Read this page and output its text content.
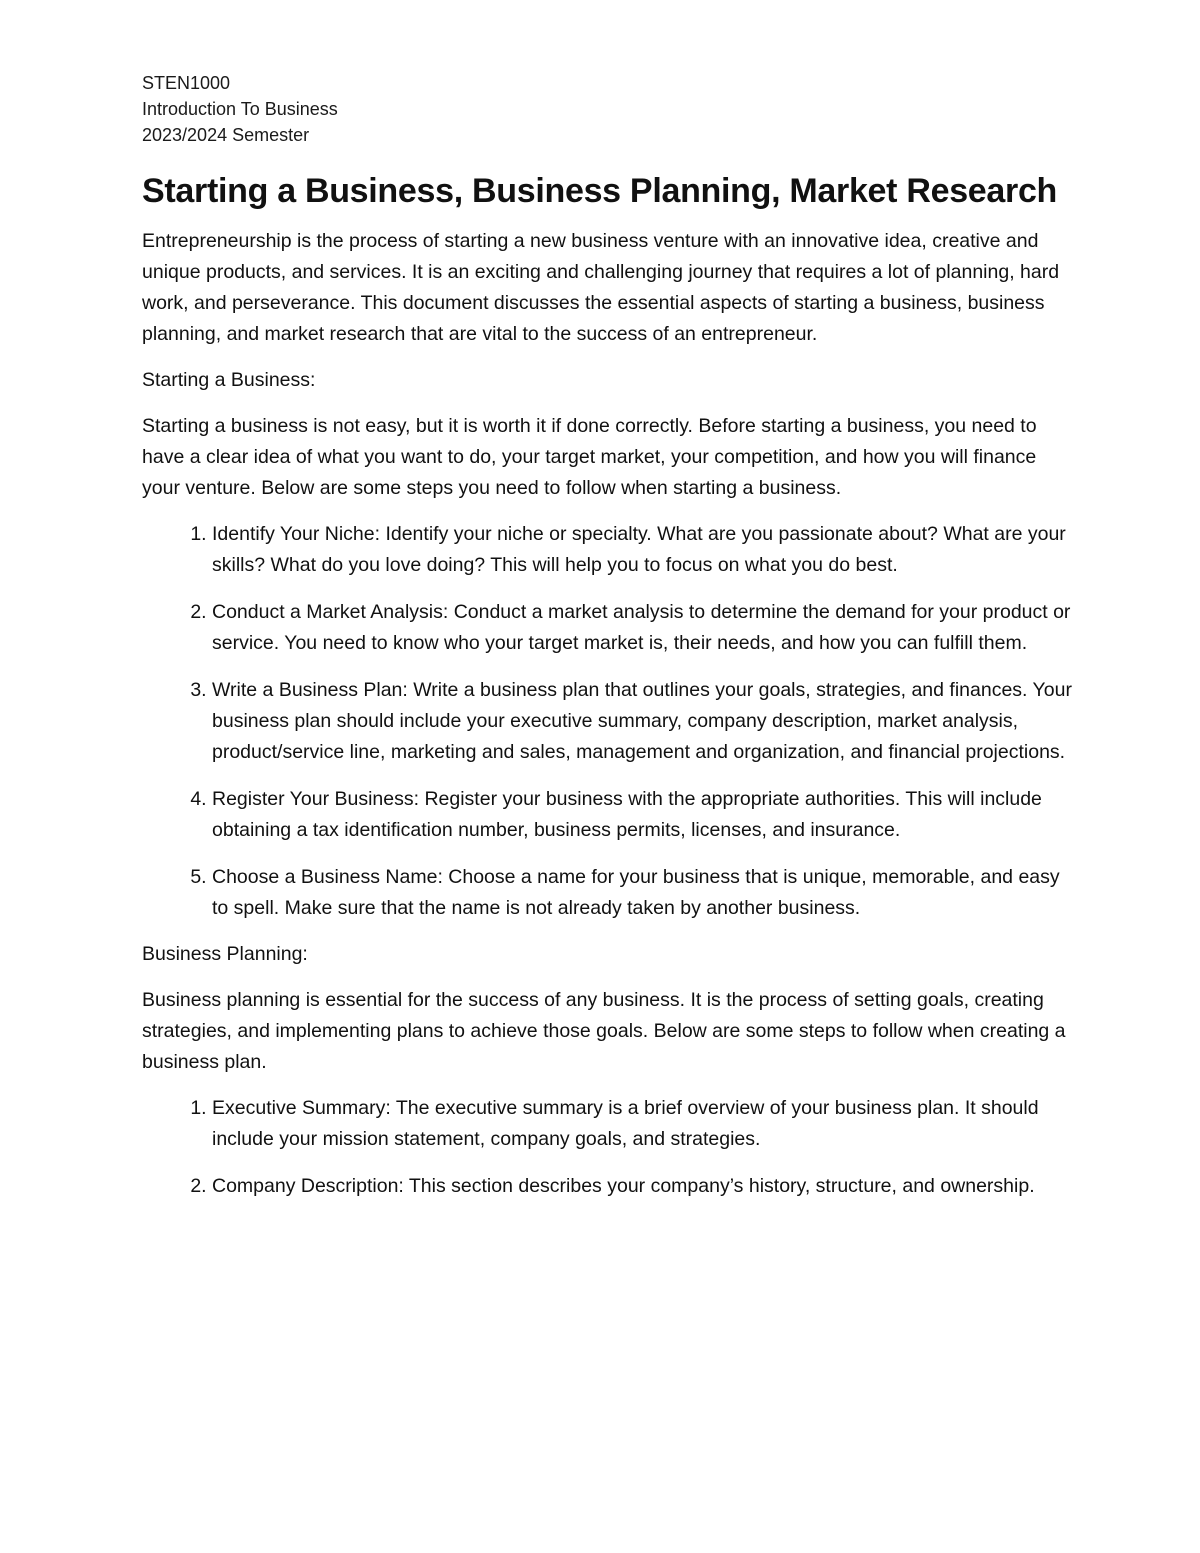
STEN1000
Introduction To Business
2023/2024 Semester
Starting a Business, Business Planning, Market Research

Entrepreneurship is the process of starting a new business venture with an innovative idea, creative and unique products, and services. It is an exciting and challenging journey that requires a lot of planning, hard work, and perseverance. This document discusses the essential aspects of starting a business, business planning, and market research that are vital to the success of an entrepreneur.

Starting a Business:

Starting a business is not easy, but it is worth it if done correctly. Before starting a business, you need to have a clear idea of what you want to do, your target market, your competition, and how you will finance your venture. Below are some steps you need to follow when starting a business.

1. Identify Your Niche: Identify your niche or specialty. What are you passionate about? What are your skills? What do you love doing? This will help you to focus on what you do best.
2. Conduct a Market Analysis: Conduct a market analysis to determine the demand for your product or service. You need to know who your target market is, their needs, and how you can fulfill them.
3. Write a Business Plan: Write a business plan that outlines your goals, strategies, and finances. Your business plan should include your executive summary, company description, market analysis, product/service line, marketing and sales, management and organization, and financial projections.
4. Register Your Business: Register your business with the appropriate authorities. This will include obtaining a tax identification number, business permits, licenses, and insurance.
5. Choose a Business Name: Choose a name for your business that is unique, memorable, and easy to spell. Make sure that the name is not already taken by another business.

Business Planning:

Business planning is essential for the success of any business. It is the process of setting goals, creating strategies, and implementing plans to achieve those goals. Below are some steps to follow when creating a business plan.

1. Executive Summary: The executive summary is a brief overview of your business plan. It should include your mission statement, company goals, and strategies.
2. Company Description: This section describes your company’s history, structure, and ownership.
